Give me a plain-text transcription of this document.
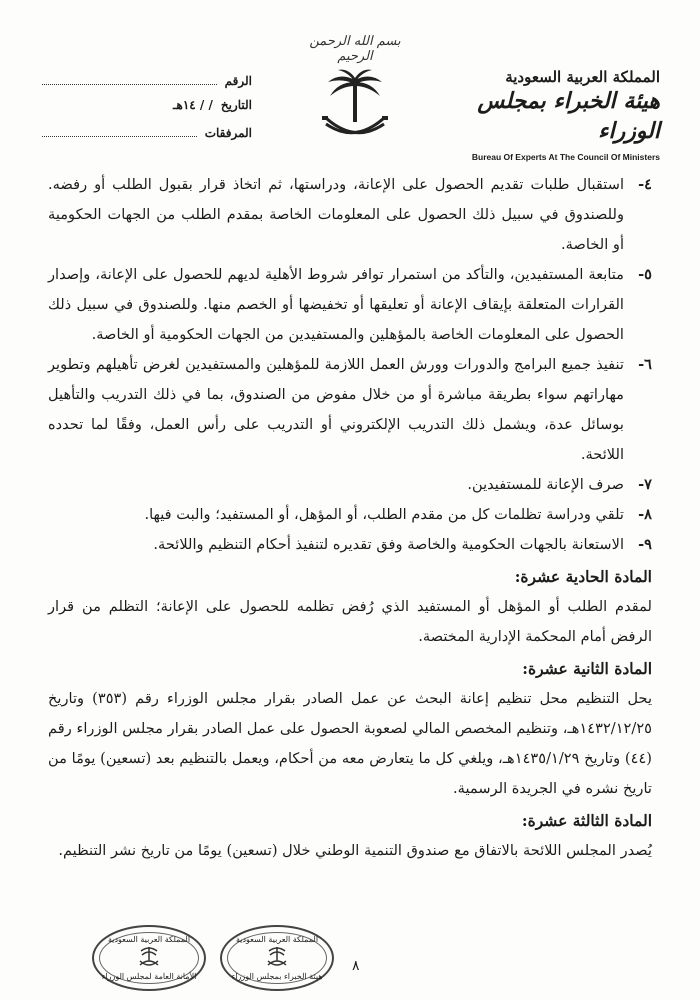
الرقم
التاريخ
/ / ١٤هـ
المرفقات
بسم الله الرحمن الرحيم
المملكة العربية السعودية
هيئة الخبراء بمجلس الوزراء
Bureau Of Experts At The Council Of Ministers
٤-
استقبال طلبات تقديم الحصول على الإعانة، ودراستها، ثم اتخاذ قرار بقبول الطلب أو رفضه. وللصندوق في سبيل ذلك الحصول على المعلومات الخاصة بمقدم الطلب من الجهات الحكومية أو الخاصة.
٥-
متابعة المستفيدين، والتأكد من استمرار توافر شروط الأهلية لديهم للحصول على الإعانة، وإصدار القرارات المتعلقة بإيقاف الإعانة أو تعليقها أو تخفيضها أو الخصم منها. وللصندوق في سبيل ذلك الحصول على المعلومات الخاصة بالمؤهلين والمستفيدين من الجهات الحكومية أو الخاصة.
٦-
تنفيذ جميع البرامج والدورات وورش العمل اللازمة للمؤهلين والمستفيدين لغرض تأهيلهم وتطوير مهاراتهم سواء بطريقة مباشرة أو من خلال مفوض من الصندوق، بما في ذلك التدريب والتأهيل بوسائل عدة، ويشمل ذلك التدريب الإلكتروني أو التدريب على رأس العمل، وفقًا لما تحدده اللائحة.
٧-
صرف الإعانة للمستفيدين.
٨-
تلقي ودراسة تظلمات كل من مقدم الطلب، أو المؤهل، أو المستفيد؛ والبت فيها.
٩-
الاستعانة بالجهات الحكومية والخاصة وفق تقديره لتنفيذ أحكام التنظيم واللائحة.
المادة الحادية عشرة:
لمقدم الطلب أو المؤهل أو المستفيد الذي رُفض تظلمه للحصول على الإعانة؛ التظلم من قرار الرفض أمام المحكمة الإدارية المختصة.
المادة الثانية عشرة:
يحل التنظيم محل تنظيم إعانة البحث عن عمل الصادر بقرار مجلس الوزراء رقم (٣٥٣) وتاريخ ١٤٣٢/١٢/٢٥هـ، وتنظيم المخصص المالي لصعوبة الحصول على عمل الصادر بقرار مجلس الوزراء رقم (٤٤) وتاريخ ١٤٣٥/١/٢٩هـ، ويلغي كل ما يتعارض معه من أحكام، ويعمل بالتنظيم بعد (تسعين) يومًا من تاريخ نشره في الجريدة الرسمية.
المادة الثالثة عشرة:
يُصدر المجلس اللائحة بالاتفاق مع صندوق التنمية الوطني خلال (تسعين) يومًا من تاريخ نشر التنظيم.
المملكة العربية السعودية
الأمانة العامة لمجلس الوزراء
المملكة العربية السعودية
هيئة الخبراء بمجلس الوزراء
٨
